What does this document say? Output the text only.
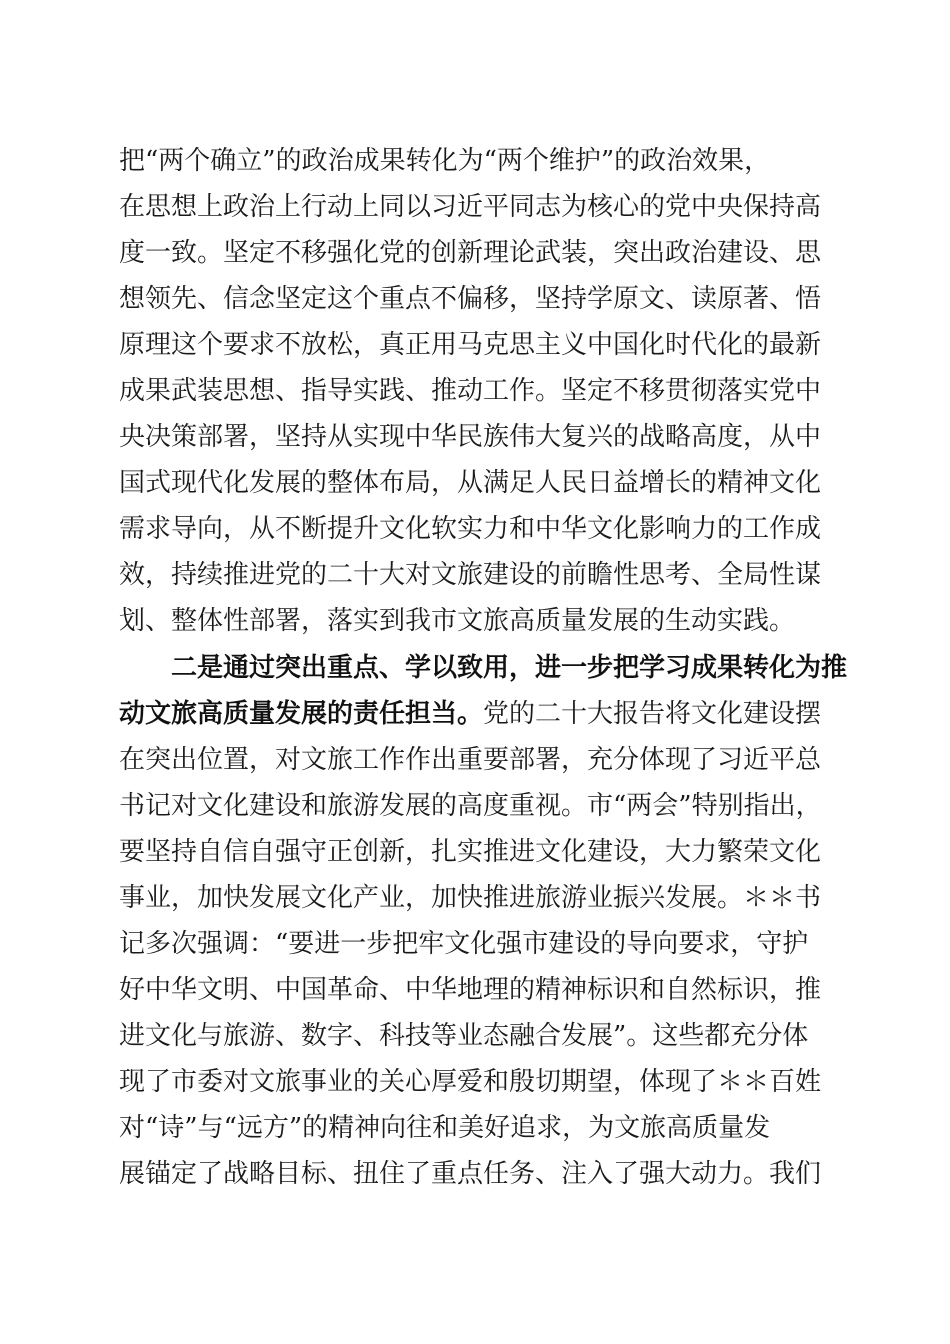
把“两个确立”的政治成果转化为“两个维护”的政治效果，
在思想上政治上行动上同以习近平同志为核心的党中央保持高
度一致。坚定不移强化党的创新理论武装，突出政治建设、思
想领先、信念坚定这个重点不偏移，坚持学原文、读原著、悟
原理这个要求不放松，真正用马克思主义中国化时代化的最新
成果武装思想、指导实践、推动工作。坚定不移贯彻落实党中
央决策部署，坚持从实现中华民族伟大复兴的战略高度，从中
国式现代化发展的整体布局，从满足人民日益增长的精神文化
需求导向，从不断提升文化软实力和中华文化影响力的工作成
效，持续推进党的二十大对文旅建设的前瞻性思考、全局性谋
划、整体性部署，落实到我市文旅高质量发展的生动实践。
二是通过突出重点、学以致用，进一步把学习成果转化为推
动文旅高质量发展的责任担当。党的二十大报告将文化建设摆
在突出位置，对文旅工作作出重要部署，充分体现了习近平总
书记对文化建设和旅游发展的高度重视。市“两会”特别指出，
要坚持自信自强守正创新，扎实推进文化建设，大力繁荣文化
事业，加快发展文化产业，加快推进旅游业振兴发展。＊＊书
记多次强调：“要进一步把牢文化强市建设的导向要求，守护
好中华文明、中国革命、中华地理的精神标识和自然标识，推
进文化与旅游、数字、科技等业态融合发展”。这些都充分体
现了市委对文旅事业的关心厚爱和殷切期望，体现了＊＊百姓
对“诗”与“远方”的精神向往和美好追求，为文旅高质量发
展锚定了战略目标、扭住了重点任务、注入了强大动力。我们
